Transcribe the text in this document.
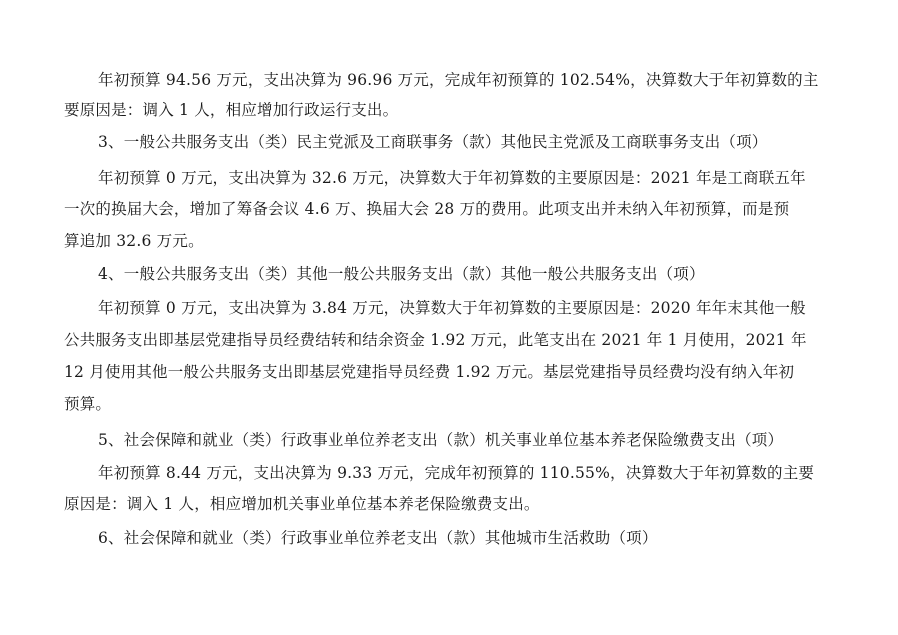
年初预算 94.56 万元，支出决算为 96.96 万元，完成年初预算的 102.54%，决算数大于年初算数的主
要原因是：调入 1 人，相应增加行政运行支出。
3、一般公共服务支出（类）民主党派及工商联事务（款）其他民主党派及工商联事务支出（项）
年初预算 0 万元，支出决算为 32.6 万元，决算数大于年初算数的主要原因是：2021 年是工商联五年
一次的换届大会，增加了筹备会议 4.6 万、换届大会 28 万的费用。此项支出并未纳入年初预算，而是预
算追加 32.6 万元。
4、一般公共服务支出（类）其他一般公共服务支出（款）其他一般公共服务支出（项）
年初预算 0 万元，支出决算为 3.84 万元，决算数大于年初算数的主要原因是：2020 年年末其他一般
公共服务支出即基层党建指导员经费结转和结余资金 1.92 万元，此笔支出在 2021 年 1 月使用，2021 年
12 月使用其他一般公共服务支出即基层党建指导员经费 1.92 万元。基层党建指导员经费均没有纳入年初
预算。
5、社会保障和就业（类）行政事业单位养老支出（款）机关事业单位基本养老保险缴费支出（项）
年初预算 8.44 万元，支出决算为 9.33 万元，完成年初预算的 110.55%，决算数大于年初算数的主要
原因是：调入 1 人，相应增加机关事业单位基本养老保险缴费支出。
6、社会保障和就业（类）行政事业单位养老支出（款）其他城市生活救助（项）
